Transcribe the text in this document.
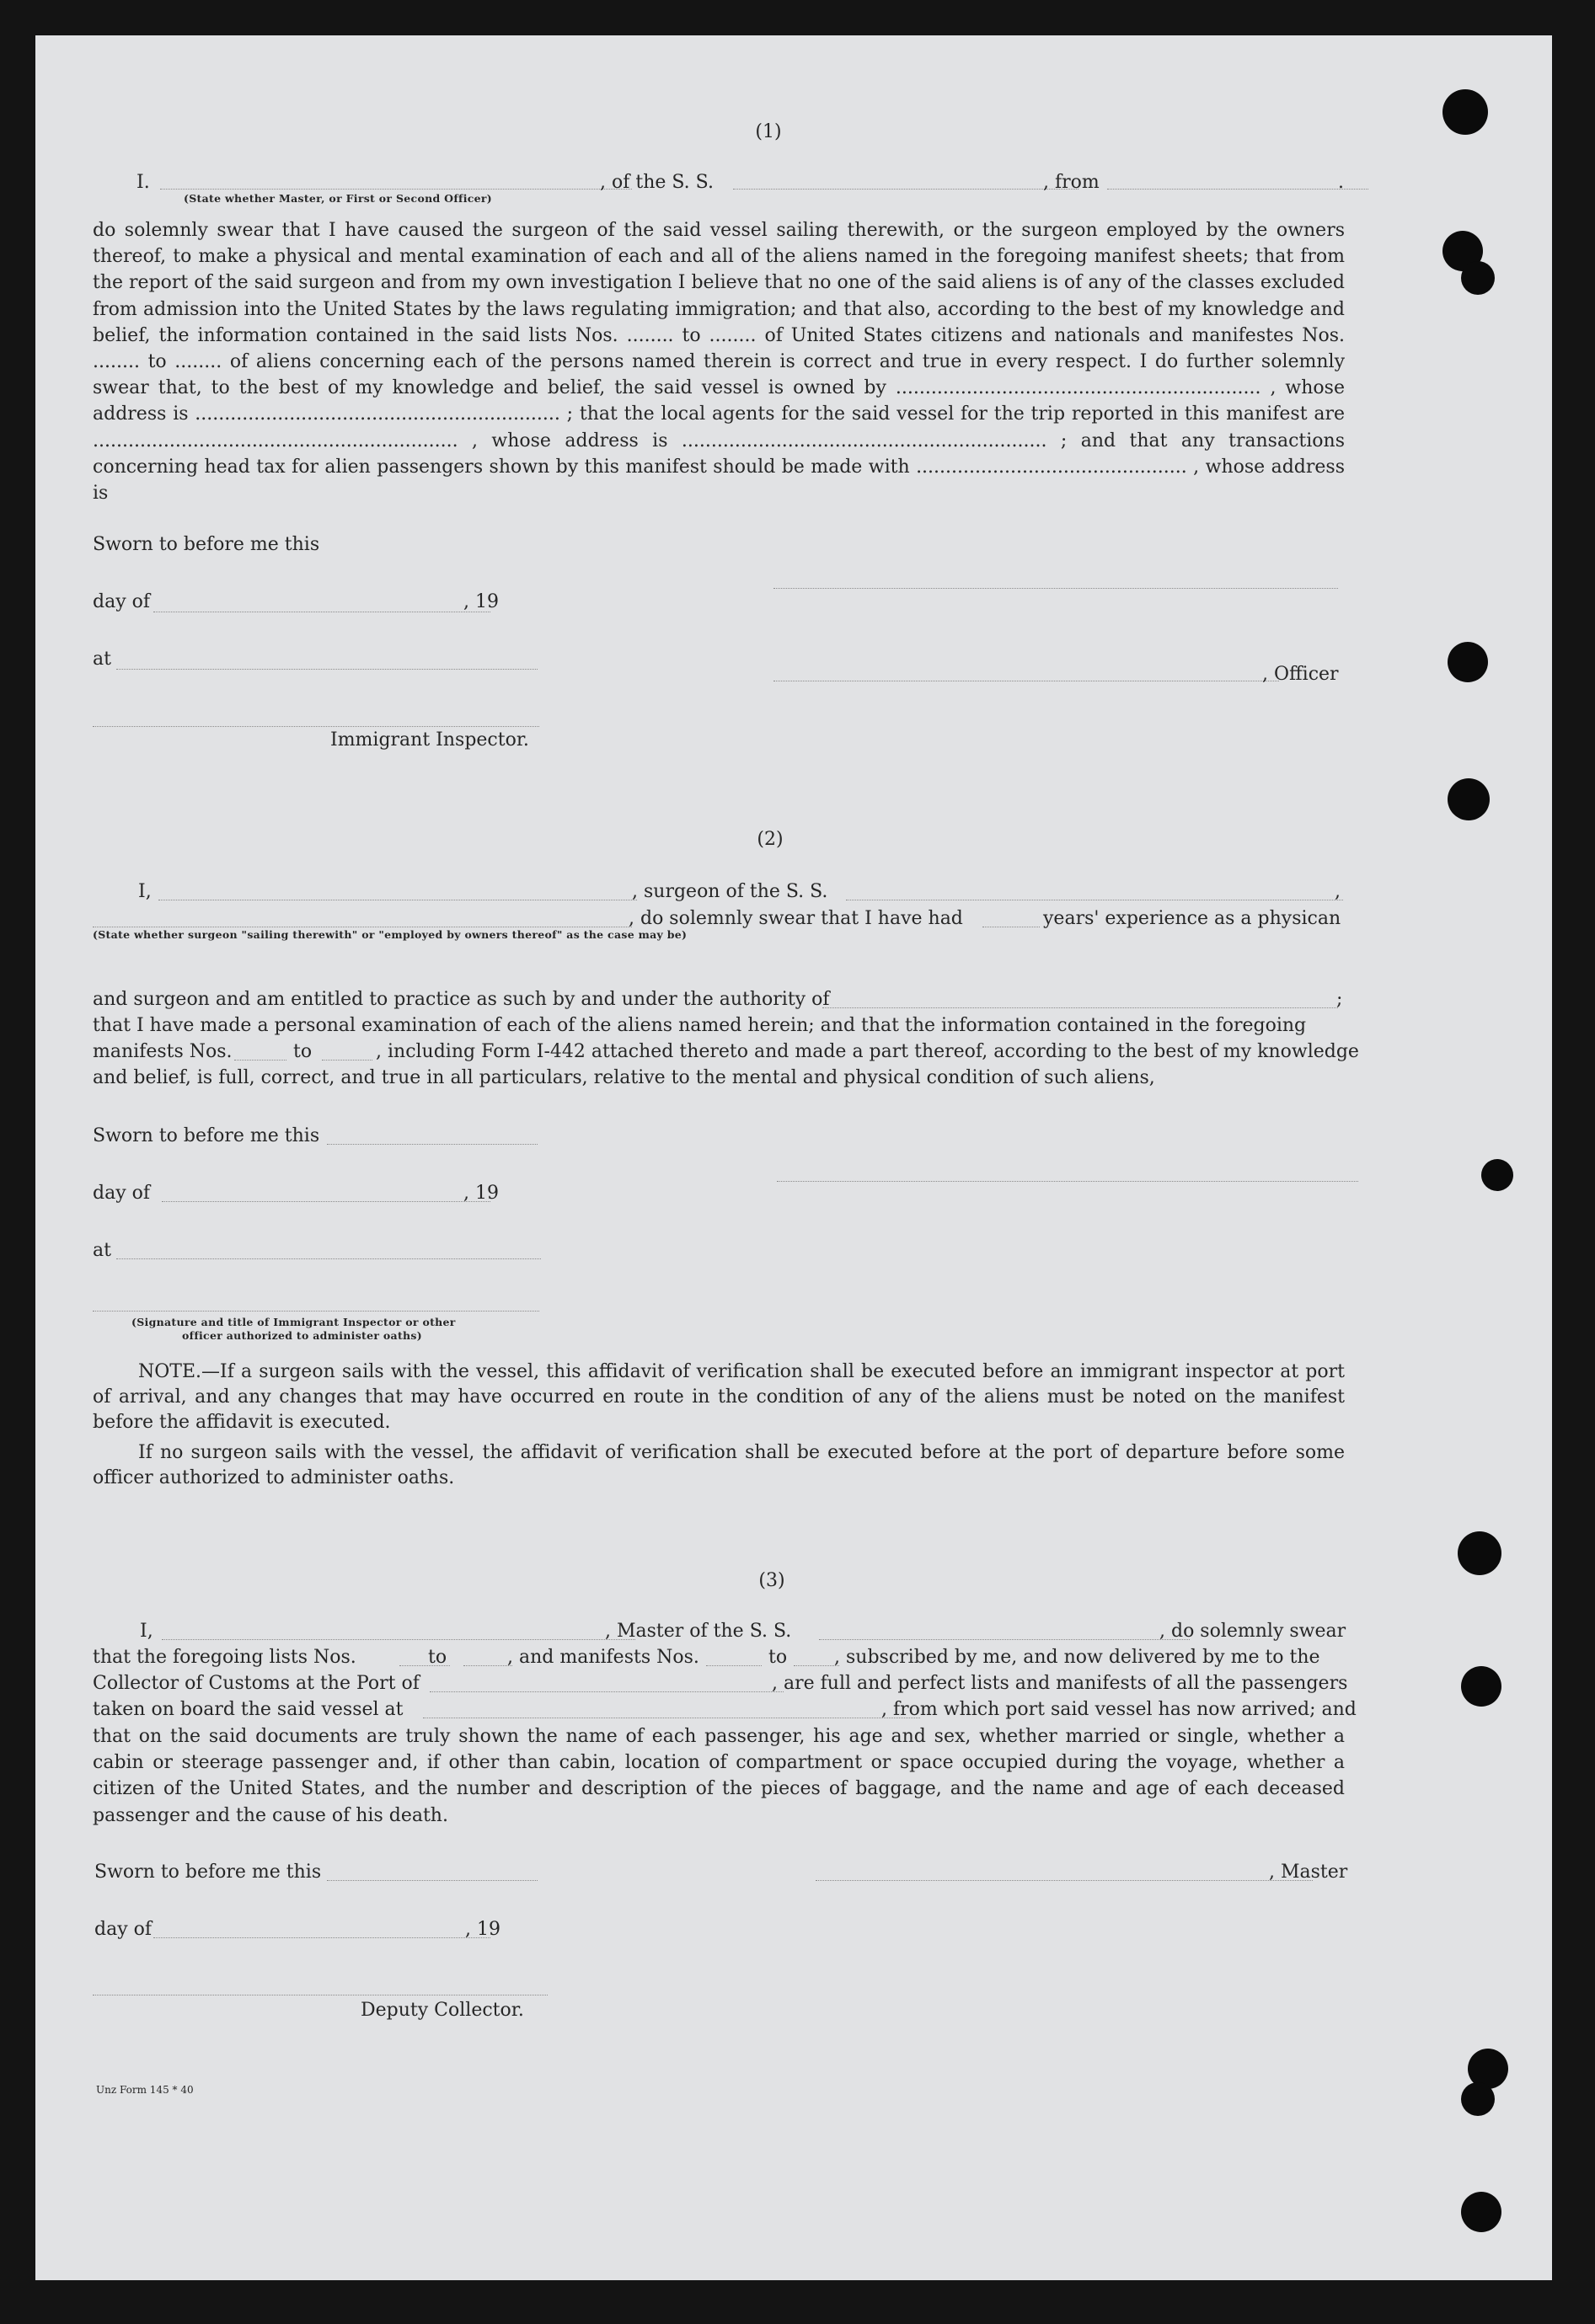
(1)
I.	, of the S. S.	, from	.
(State whether Master, or First or Second Officer)
do solemnly swear that I have caused the surgeon of the said vessel sailing therewith, or the surgeon employed by the owners thereof, to make a physical and mental examination of each and all of the aliens named in the foregoing manifest sheets; that from the report of the said surgeon and from my own investigation I believe that no one of the said aliens is of any of the classes excluded from admission into the United States by the laws regulating immigration; and that also, according to the best of my knowledge and belief, the information contained in the said lists Nos. ........ to ........ of United States citizens and nationals and manifestes Nos. ........ to ........ of aliens concerning each of the persons named therein is correct and true in every respect. I do further solemnly swear that, to the best of my knowledge and belief, the said vessel is owned by .............................................................. , whose address is .............................................................. ; that the local agents for the said vessel for the trip reported in this manifest are .............................................................. , whose address is .............................................................. ; and that any transactions concerning head tax for alien passengers shown by this manifest should be made with .............................................. , whose address is
Sworn to before me this
day of	, 19
at
, Officer
Immigrant Inspector.
(2)
I,	, surgeon of the S. S.	,
, do solemnly swear that I have had	years' experience as a physican
(State whether surgeon "sailing therewith" or "employed by owners thereof" as the case may be)
and surgeon and am entitled to practice as such by and under the authority of	;
that I have made a personal examination of each of the aliens named herein; and that the information contained in the foregoing
manifests Nos.	to	, including Form I-442 attached thereto and made a part thereof, according to the best of my knowledge
and belief, is full, correct, and true in all particulars, relative to the mental and physical condition of such aliens,
Sworn to before me this
day of	, 19
at
(Signature and title of Immigrant Inspector or other
officer authorized to administer oaths)
NOTE.—If a surgeon sails with the vessel, this affidavit of verification shall be executed before an immigrant inspector at port of arrival, and any changes that may have occurred en route in the condition of any of the aliens must be noted on the manifest before the affidavit is executed.
If no surgeon sails with the vessel, the affidavit of verification shall be executed before at the port of departure before some officer authorized to administer oaths.
(3)
I,	, Master of the S. S.	, do solemnly swear
that the foregoing lists Nos.	to	, and manifests Nos.	to	, subscribed by me, and now delivered by me to the
Collector of Customs at the Port of	, are full and perfect lists and manifests of all the passengers
taken on board the said vessel at	, from which port said vessel has now arrived; and
that on the said documents are truly shown the name of each passenger, his age and sex, whether married or single, whether a cabin or steerage passenger and, if other than cabin, location of compartment or space occupied during the voyage, whether a citizen of the United States, and the number and description of the pieces of baggage, and the name and age of each deceased passenger and the cause of his death.
Sworn to before me this	, Master
day of	, 19
Deputy Collector.
Unz Form 145 * 40
